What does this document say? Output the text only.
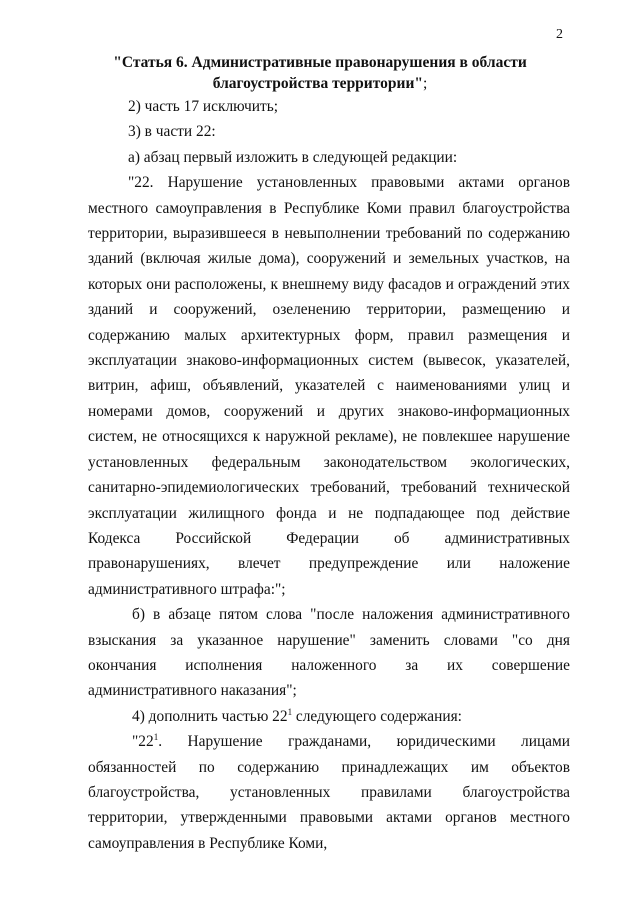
2
"Статья 6. Административные правонарушения в области
благоустройства территории";

2) часть 17 исключить;

3) в части 22:

а) абзац первый изложить в следующей редакции:

"22. Нарушение установленных правовыми актами органов местного самоуправления в Республике Коми правил благоустройства территории, выразившееся в невыполнении требований по содержанию зданий (включая жилые дома), сооружений и земельных участков, на которых они расположены, к внешнему виду фасадов и ограждений этих зданий и сооружений, озеленению территории, размещению и содержанию малых архитектурных форм, правил размещения и эксплуатации знаково-информационных систем (вывесок, указателей, витрин, афиш, объявлений, указателей с наименованиями улиц и номерами домов, сооружений и других знаково-информационных систем, не относящихся к наружной рекламе), не повлекшее нарушение установленных федеральным законодательством экологических, санитарно-эпидемиологических требований, требований технической эксплуатации жилищного фонда и не подпадающее под действие Кодекса Российской Федерации об административных правонарушениях, влечет предупреждение или наложение административного штрафа:";

б) в абзаце пятом слова "после наложения административного взыскания за указанное нарушение" заменить словами "со дня окончания исполнения наложенного за их совершение административного наказания";

4) дополнить частью $22^1$ следующего содержания:

"$22^1$. Нарушение гражданами, юридическими лицами обязанностей по содержанию принадлежащих им объектов благоустройства, установленных правилами благоустройства территории, утвержденными правовыми актами органов местного самоуправления в Республике Коми,
